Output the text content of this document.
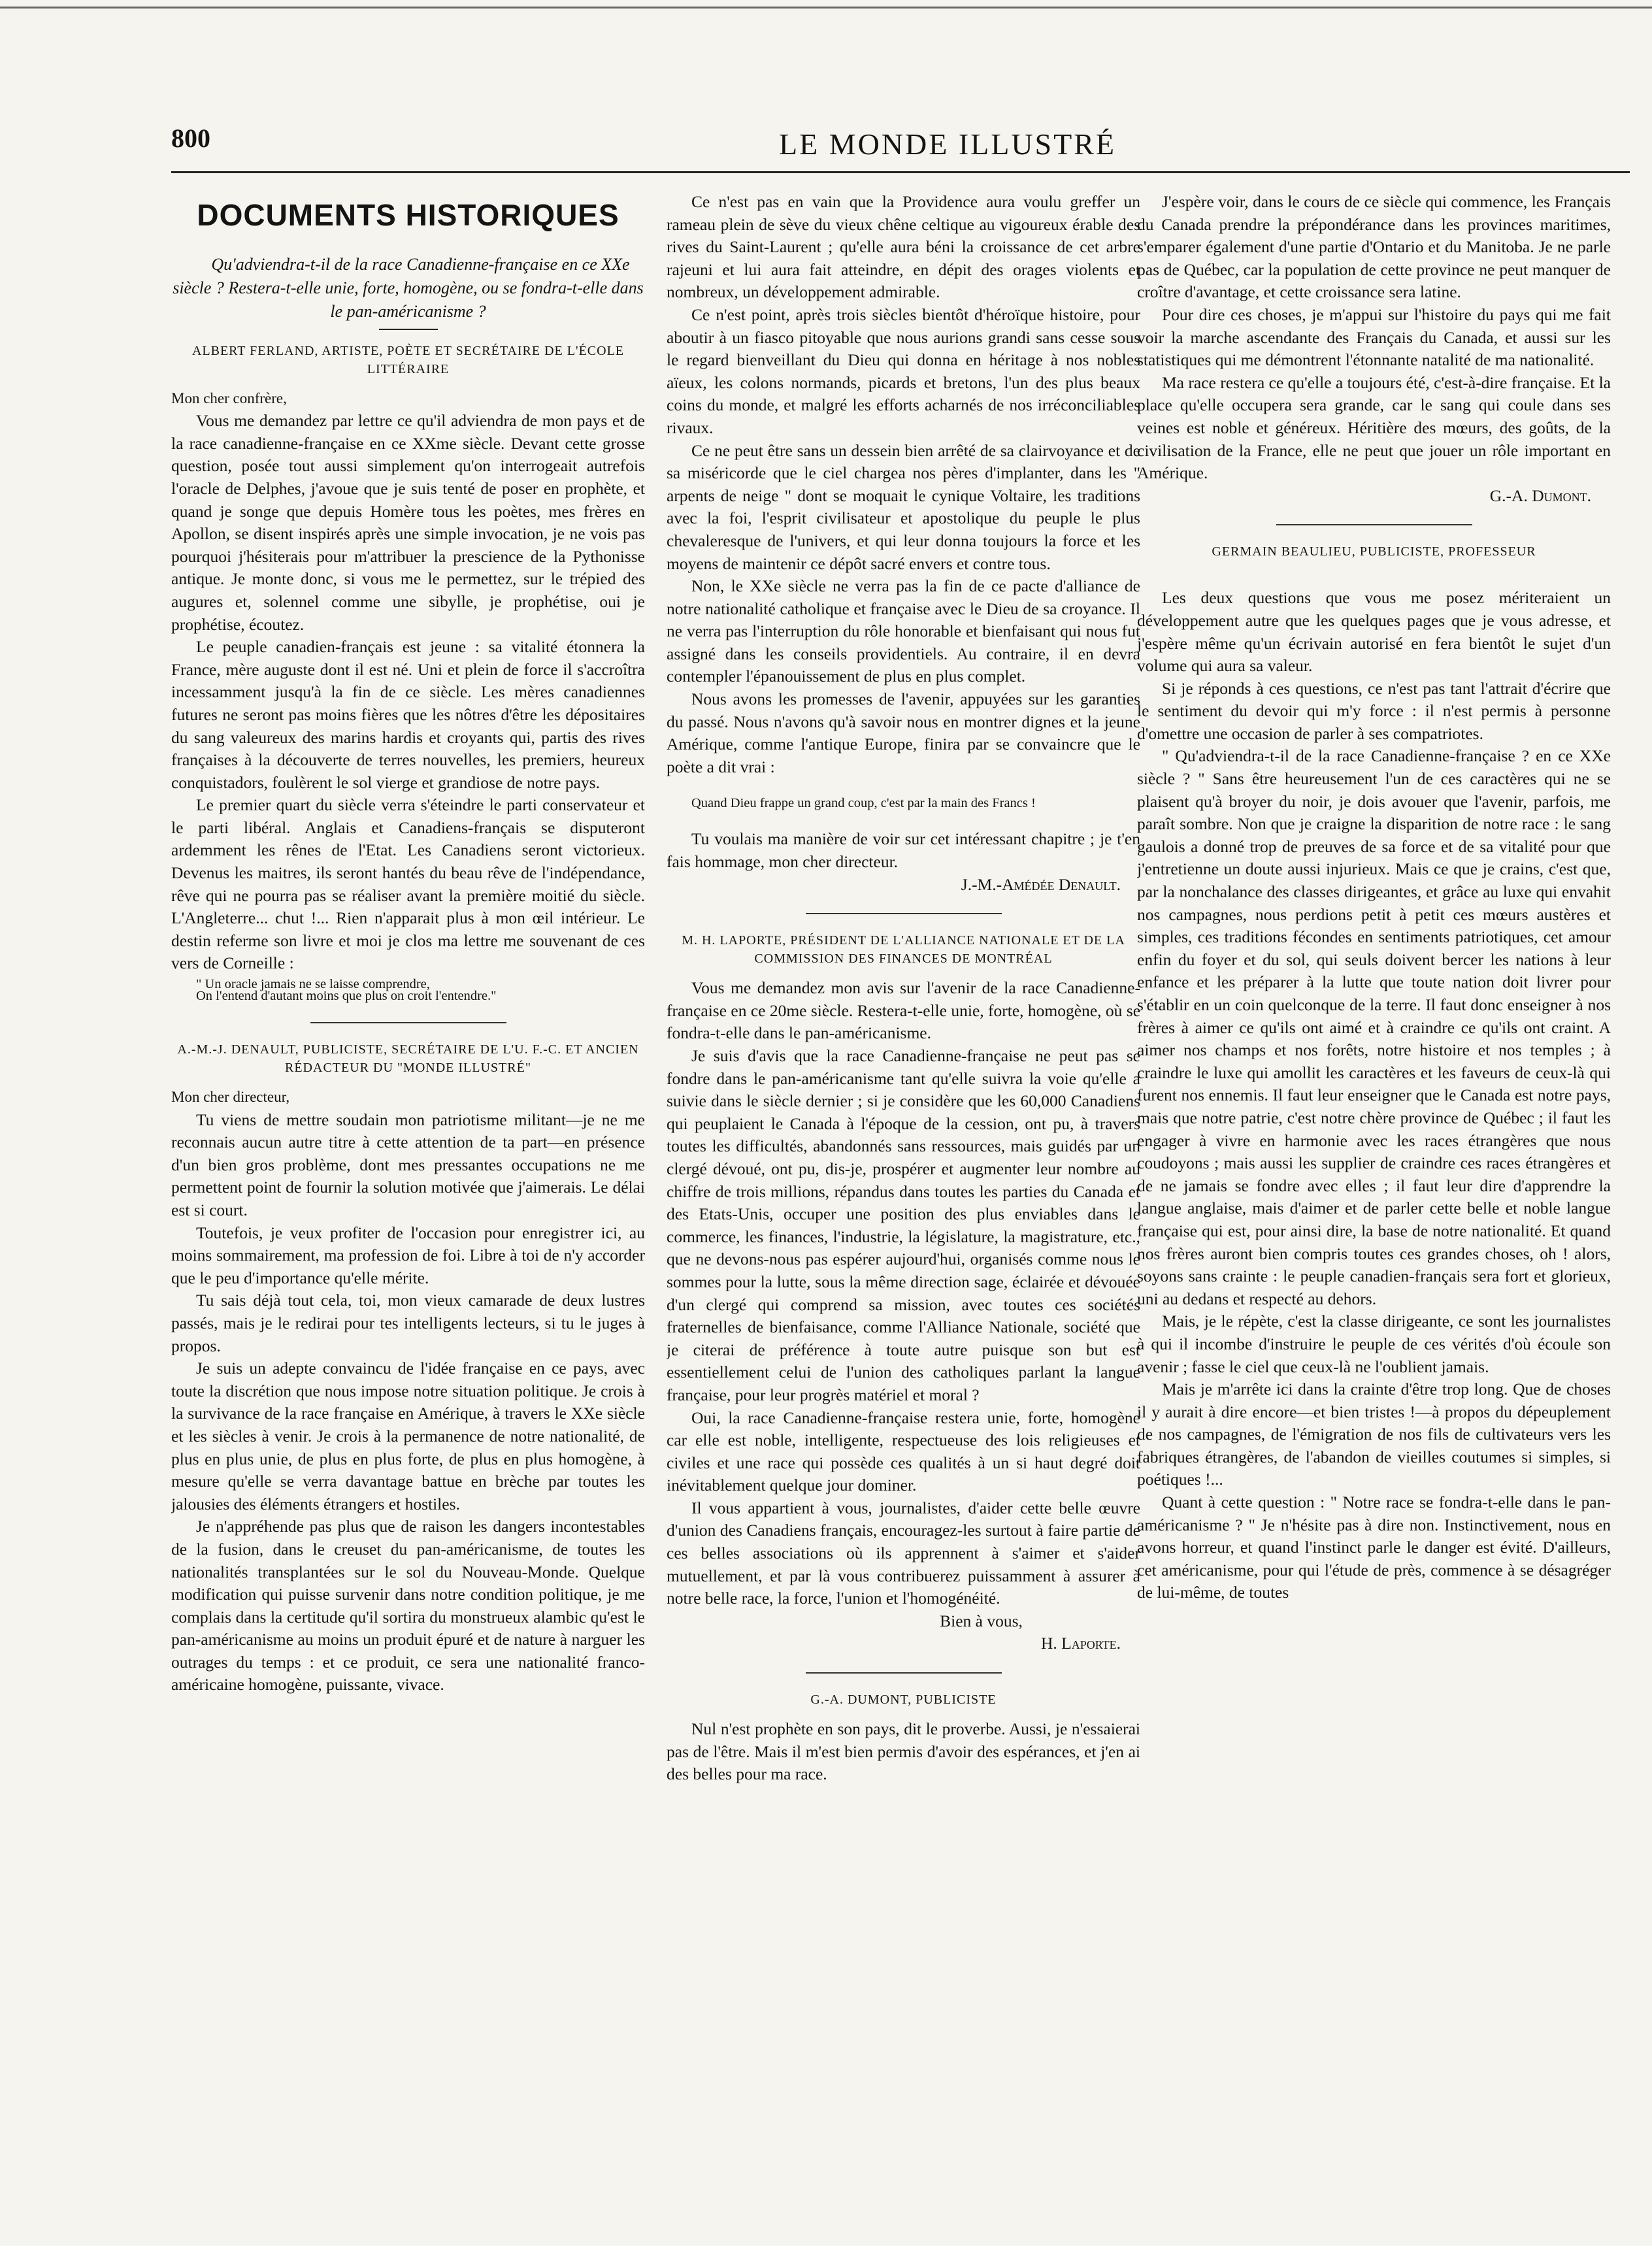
800	LE MONDE ILLUSTRÉ
DOCUMENTS HISTORIQUES

Qu'adviendra-t-il de la race Canadienne-française en ce XXe siècle ? Restera-t-elle unie, forte, homogène, ou se fondra-t-elle dans le pan-américanisme ?

ALBERT FERLAND, ARTISTE, POÈTE ET SECRÉTAIRE DE L'ÉCOLE LITTÉRAIRE

Mon cher confrère,

Vous me demandez par lettre ce qu'il adviendra de mon pays et de la race canadienne-française en ce XXme siècle. Devant cette grosse question, posée tout aussi simplement qu'on interrogeait autrefois l'oracle de Delphes, j'avoue que je suis tenté de poser en prophète, et quand je songe que depuis Homère tous les poètes, mes frères en Apollon, se disent inspirés après une simple invocation, je ne vois pas pourquoi j'hésiterais pour m'attribuer la prescience de la Pythonisse antique. Je monte donc, si vous me le permettez, sur le trépied des augures et, solennel comme une sibylle, je prophétise, oui je prophétise, écoutez.

Le peuple canadien-français est jeune : sa vitalité étonnera la France, mère auguste dont il est né. Uni et plein de force il s'accroîtra incessamment jusqu'à la fin de ce siècle. Les mères canadiennes futures ne seront pas moins fières que les nôtres d'être les dépositaires du sang valeureux des marins hardis et croyants qui, partis des rives françaises à la découverte de terres nouvelles, les premiers, heureux conquistadors, foulèrent le sol vierge et grandiose de notre pays.

Le premier quart du siècle verra s'éteindre le parti conservateur et le parti libéral. Anglais et Canadiens-français se disputeront ardemment les rênes de l'Etat. Les Canadiens seront victorieux. Devenus les maitres, ils seront hantés du beau rêve de l'indépendance, rêve qui ne pourra pas se réaliser avant la première moitié du siècle. L'Angleterre... chut !... Rien n'apparait plus à mon œil intérieur. Le destin referme son livre et moi je clos ma lettre me souvenant de ces vers de Corneille :

" Un oracle jamais ne se laisse comprendre,

On l'entend d'autant moins que plus on croit l'entendre."

A.-M.-J. DENAULT, PUBLICISTE, SECRÉTAIRE DE L'U. F.-C. ET ANCIEN RÉDACTEUR DU "MONDE ILLUSTRÉ"

Mon cher directeur,

Tu viens de mettre soudain mon patriotisme militant—je ne me reconnais aucun autre titre à cette attention de ta part—en présence d'un bien gros problème, dont mes pressantes occupations ne me permettent point de fournir la solution motivée que j'aimerais. Le délai est si court.

Toutefois, je veux profiter de l'occasion pour enregistrer ici, au moins sommairement, ma profession de foi. Libre à toi de n'y accorder que le peu d'importance qu'elle mérite.

Tu sais déjà tout cela, toi, mon vieux camarade de deux lustres passés, mais je le redirai pour tes intelligents lecteurs, si tu le juges à propos.

Je suis un adepte convaincu de l'idée française en ce pays, avec toute la discrétion que nous impose notre situation politique. Je crois à la survivance de la race française en Amérique, à travers le XXe siècle et les siècles à venir. Je crois à la permanence de notre nationalité, de plus en plus unie, de plus en plus forte, de plus en plus homogène, à mesure qu'elle se verra davantage battue en brèche par toutes les jalousies des éléments étrangers et hostiles.

Je n'appréhende pas plus que de raison les dangers incontestables de la fusion, dans le creuset du pan-américanisme, de toutes les nationalités transplantées sur le sol du Nouveau-Monde. Quelque modification qui puisse survenir dans notre condition politique, je me complais dans la certitude qu'il sortira du monstrueux alambic qu'est le pan-américanisme au moins un produit épuré et de nature à narguer les outrages du temps : et ce produit, ce sera une nationalité franco-américaine homogène, puissante, vivace.

Ce n'est pas en vain que la Providence aura voulu greffer un rameau plein de sève du vieux chêne celtique au vigoureux érable des rives du Saint-Laurent ; qu'elle aura béni la croissance de cet arbre rajeuni et lui aura fait atteindre, en dépit des orages violents et nombreux, un développement admirable.

Ce n'est point, après trois siècles bientôt d'héroïque histoire, pour aboutir à un fiasco pitoyable que nous aurions grandi sans cesse sous le regard bienveillant du Dieu qui donna en héritage à nos nobles aïeux, les colons normands, picards et bretons, l'un des plus beaux coins du monde, et malgré les efforts acharnés de nos irréconciliables rivaux.

Ce ne peut être sans un dessein bien arrêté de sa clairvoyance et de sa miséricorde que le ciel chargea nos pères d'implanter, dans les " arpents de neige " dont se moquait le cynique Voltaire, les traditions avec la foi, l'esprit civilisateur et apostolique du peuple le plus chevaleresque de l'univers, et qui leur donna toujours la force et les moyens de maintenir ce dépôt sacré envers et contre tous.

Non, le XXe siècle ne verra pas la fin de ce pacte d'alliance de notre nationalité catholique et française avec le Dieu de sa croyance. Il ne verra pas l'interruption du rôle honorable et bienfaisant qui nous fut assigné dans les conseils providentiels. Au contraire, il en devra contempler l'épanouissement de plus en plus complet.

Nous avons les promesses de l'avenir, appuyées sur les garanties du passé. Nous n'avons qu'à savoir nous en montrer dignes et la jeune Amérique, comme l'antique Europe, finira par se convaincre que le poète a dit vrai :

Quand Dieu frappe un grand coup, c'est par la main des Francs !

Tu voulais ma manière de voir sur cet intéressant chapitre ; je t'en fais hommage, mon cher directeur.

J.-M.-Amédée Denault.

M. H. LAPORTE, PRÉSIDENT DE L'ALLIANCE NATIONALE ET DE LA COMMISSION DES FINANCES DE MONTRÉAL

Vous me demandez mon avis sur l'avenir de la race Canadienne-française en ce 20me siècle. Restera-t-elle unie, forte, homogène, où se fondra-t-elle dans le pan-américanisme.

Je suis d'avis que la race Canadienne-française ne peut pas se fondre dans le pan-américanisme tant qu'elle suivra la voie qu'elle a suivie dans le siècle dernier ; si je considère que les 60,000 Canadiens qui peuplaient le Canada à l'époque de la cession, ont pu, à travers toutes les difficultés, abandonnés sans ressources, mais guidés par un clergé dévoué, ont pu, dis-je, prospérer et augmenter leur nombre au chiffre de trois millions, répandus dans toutes les parties du Canada et des Etats-Unis, occuper une position des plus enviables dans le commerce, les finances, l'industrie, la législature, la magistrature, etc., que ne devons-nous pas espérer aujourd'hui, organisés comme nous le sommes pour la lutte, sous la même direction sage, éclairée et dévouée d'un clergé qui comprend sa mission, avec toutes ces sociétés fraternelles de bienfaisance, comme l'Alliance Nationale, société que je citerai de préférence à toute autre puisque son but est essentiellement celui de l'union des catholiques parlant la langue française, pour leur progrès matériel et moral ?

Oui, la race Canadienne-française restera unie, forte, homogène car elle est noble, intelligente, respectueuse des lois religieuses et civiles et une race qui possède ces qualités à un si haut degré doit inévitablement quelque jour dominer.

Il vous appartient à vous, journalistes, d'aider cette belle œuvre d'union des Canadiens français, encouragez-les surtout à faire partie de ces belles associations où ils apprennent à s'aimer et s'aider mutuellement, et par là vous contribuerez puissamment à assurer à notre belle race, la force, l'union et l'homogénéité.

Bien à vous,

H. Laporte.

G.-A. DUMONT, PUBLICISTE

Nul n'est prophète en son pays, dit le proverbe. Aussi, je n'essaierai pas de l'être. Mais il m'est bien permis d'avoir des espérances, et j'en ai des belles pour ma race.

J'espère voir, dans le cours de ce siècle qui commence, les Français du Canada prendre la prépondérance dans les provinces maritimes, s'emparer également d'une partie d'Ontario et du Manitoba. Je ne parle pas de Québec, car la population de cette province ne peut manquer de croître d'avantage, et cette croissance sera latine.

Pour dire ces choses, je m'appui sur l'histoire du pays qui me fait voir la marche ascendante des Français du Canada, et aussi sur les statistiques qui me démontrent l'étonnante natalité de ma nationalité.

Ma race restera ce qu'elle a toujours été, c'est-à-dire française. Et la place qu'elle occupera sera grande, car le sang qui coule dans ses veines est noble et généreux. Héritière des mœurs, des goûts, de la civilisation de la France, elle ne peut que jouer un rôle important en Amérique.

G.-A. Dumont.

GERMAIN BEAULIEU, PUBLICISTE, PROFESSEUR

Les deux questions que vous me posez mériteraient un développement autre que les quelques pages que je vous adresse, et j'espère même qu'un écrivain autorisé en fera bientôt le sujet d'un volume qui aura sa valeur.

Si je réponds à ces questions, ce n'est pas tant l'attrait d'écrire que le sentiment du devoir qui m'y force : il n'est permis à personne d'omettre une occasion de parler à ses compatriotes.

" Qu'adviendra-t-il de la race Canadienne-française ? en ce XXe siècle ? " Sans être heureusement l'un de ces caractères qui ne se plaisent qu'à broyer du noir, je dois avouer que l'avenir, parfois, me paraît sombre. Non que je craigne la disparition de notre race : le sang gaulois a donné trop de preuves de sa force et de sa vitalité pour que j'entretienne un doute aussi injurieux. Mais ce que je crains, c'est que, par la nonchalance des classes dirigeantes, et grâce au luxe qui envahit nos campagnes, nous perdions petit à petit ces mœurs austères et simples, ces traditions fécondes en sentiments patriotiques, cet amour enfin du foyer et du sol, qui seuls doivent bercer les nations à leur enfance et les préparer à la lutte que toute nation doit livrer pour s'établir en un coin quelconque de la terre. Il faut donc enseigner à nos frères à aimer ce qu'ils ont aimé et à craindre ce qu'ils ont craint. A aimer nos champs et nos forêts, notre histoire et nos temples ; à craindre le luxe qui amollit les caractères et les faveurs de ceux-là qui furent nos ennemis. Il faut leur enseigner que le Canada est notre pays, mais que notre patrie, c'est notre chère province de Québec ; il faut les engager à vivre en harmonie avec les races étrangères que nous coudoyons ; mais aussi les supplier de craindre ces races étrangères et de ne jamais se fondre avec elles ; il faut leur dire d'apprendre la langue anglaise, mais d'aimer et de parler cette belle et noble langue française qui est, pour ainsi dire, la base de notre nationalité. Et quand nos frères auront bien compris toutes ces grandes choses, oh ! alors, soyons sans crainte : le peuple canadien-français sera fort et glorieux, uni au dedans et respecté au dehors.

Mais, je le répète, c'est la classe dirigeante, ce sont les journalistes à qui il incombe d'instruire le peuple de ces vérités d'où écoule son avenir ; fasse le ciel que ceux-là ne l'oublient jamais.

Mais je m'arrête ici dans la crainte d'être trop long. Que de choses il y aurait à dire encore—et bien tristes !—à propos du dépeuplement de nos campagnes, de l'émigration de nos fils de cultivateurs vers les fabriques étrangères, de l'abandon de vieilles coutumes si simples, si poétiques !...

Quant à cette question : " Notre race se fondra-t-elle dans le pan-américanisme ? " Je n'hésite pas à dire non. Instinctivement, nous en avons horreur, et quand l'instinct parle le danger est évité. D'ailleurs, cet américanisme, pour qui l'étude de près, commence à se désagréger de lui-même, de toutes
